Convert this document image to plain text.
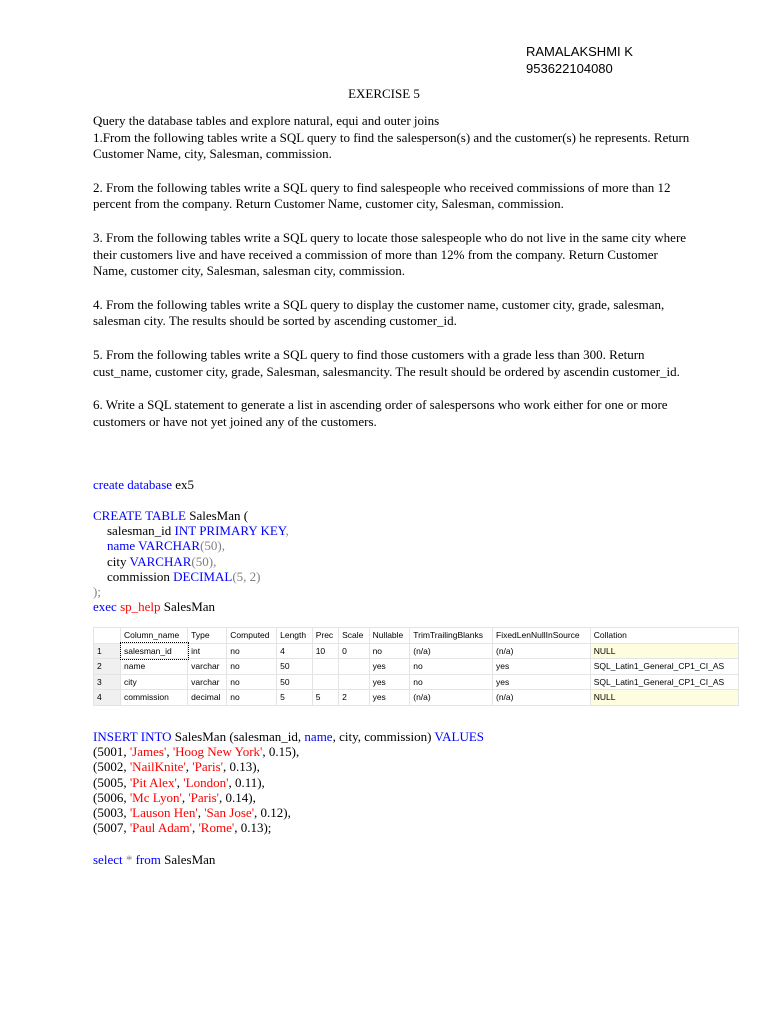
RAMALAKSHMI K
953622104080
EXERCISE 5

Query the database tables and explore natural, equi and outer joins

1.From the following tables write a SQL query to find the salesperson(s) and the customer(s) he represents. Return Customer Name, city, Salesman, commission.

2. From the following tables write a SQL query to find salespeople who received commissions of more than 12 percent from the company. Return Customer Name, customer city, Salesman, commission.

3. From the following tables write a SQL query to locate those salespeople who do not live in the same city where their customers live and have received a commission of more than 12% from the company. Return Customer Name, customer city, Salesman, salesman city, commission.

4. From the following tables write a SQL query to display the customer name, customer city, grade, salesman, salesman city. The results should be sorted by ascending customer_id.

5. From the following tables write a SQL query to find those customers with a grade less than 300. Return cust_name, customer city, grade, Salesman, salesmancity. The result should be ordered by ascendin customer_id.

6. Write a SQL statement to generate a list in ascending order of salespersons who work either for one or more customers or have not yet joined any of the customers.

create database ex5
CREATE TABLE SalesMan (
salesman_id INT PRIMARY KEY,
name VARCHAR(50),
city VARCHAR(50),
commission DECIMAL(5, 2)
);
exec sp_help SalesMan
	Column_name	Type	Computed	Length	Prec	Scale	Nullable	TrimTrailingBlanks	FixedLenNullInSource	Collation
1	salesman_id	int	no	4	10	0	no	(n/a)	(n/a)	NULL
2	name	varchar	no	50			yes	no	yes	SQL_Latin1_General_CP1_CI_AS
3	city	varchar	no	50			yes	no	yes	SQL_Latin1_General_CP1_CI_AS
4	commission	decimal	no	5	5	2	yes	(n/a)	(n/a)	NULL
INSERT INTO SalesMan (salesman_id, name, city, commission) VALUES
(5001, 'James', 'Hoog New York', 0.15),
(5002, 'NailKnite', 'Paris', 0.13),
(5005, 'Pit Alex', 'London', 0.11),
(5006, 'Mc Lyon', 'Paris', 0.14),
(5003, 'Lauson Hen', 'San Jose', 0.12),
(5007, 'Paul Adam', 'Rome', 0.13);
select * from SalesMan
